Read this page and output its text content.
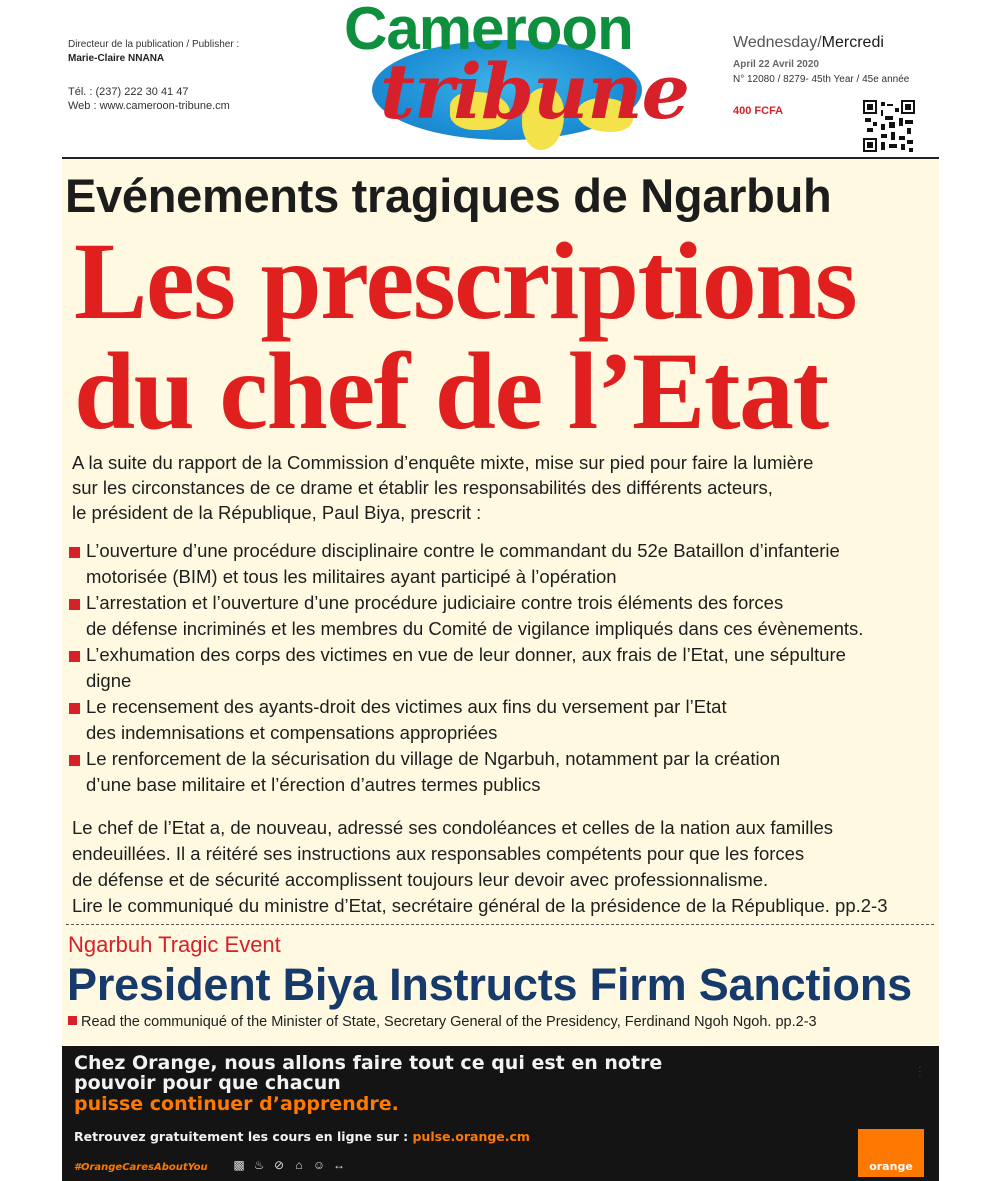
Directeur de la publication / Publisher :
Marie-Claire NNANA
Tél. : (237) 222 30 41 47
Web : www.cameroon-tribune.cm
Cameroon
tribune
Wednesday/Mercredi
April 22 Avril 2020
N° 12080 / 8279- 45th Year / 45e année
400 FCFA
Evénements tragiques de Ngarbuh
Les prescriptions
du chef de l’Etat
A la suite du rapport de la Commission d’enquête mixte, mise sur pied pour faire la lumière
sur les circonstances de ce drame et établir les responsabilités des différents acteurs,
le président de la République, Paul Biya, prescrit :
L’ouverture d’une procédure disciplinaire contre le commandant du 52e Bataillon d’infanterie
motorisée (BIM) et tous les militaires ayant participé à l’opération
L’arrestation et l’ouverture d’une procédure judiciaire contre trois éléments des forces
de défense incriminés et les membres du Comité de vigilance impliqués dans ces évènements.
L’exhumation des corps des victimes en vue de leur donner, aux frais de l’Etat, une sépulture
digne
Le recensement des ayants-droit des victimes aux fins du versement par l’Etat
des indemnisations et compensations appropriées
Le renforcement de la sécurisation du village de Ngarbuh, notamment par la création
d’une base militaire et l’érection d’autres termes publics
Le chef de l’Etat a, de nouveau, adressé ses condoléances et celles de la nation aux familles
endeuillées. Il a réitéré ses instructions aux responsables compétents pour que les forces
de défense et de sécurité accomplissent toujours leur devoir avec professionnalisme.
Lire le communiqué du ministre d’Etat, secrétaire général de la présidence de la République. pp.2-3
Ngarbuh Tragic Event
President Biya Instructs Firm Sanctions
Read the communiqué of the Minister of State, Secretary General of the Presidency, Ferdinand Ngoh Ngoh. pp.2-3
Chez Orange, nous allons faire tout ce qui est en notre
pouvoir pour que chacun
puisse continuer d’apprendre.
Retrouvez gratuitement les cours en ligne sur : pulse.orange.cm
#OrangeCaresAboutYou ▩ ♨ ⊘ ⌂ ☺ ↔
· · ·
orange
